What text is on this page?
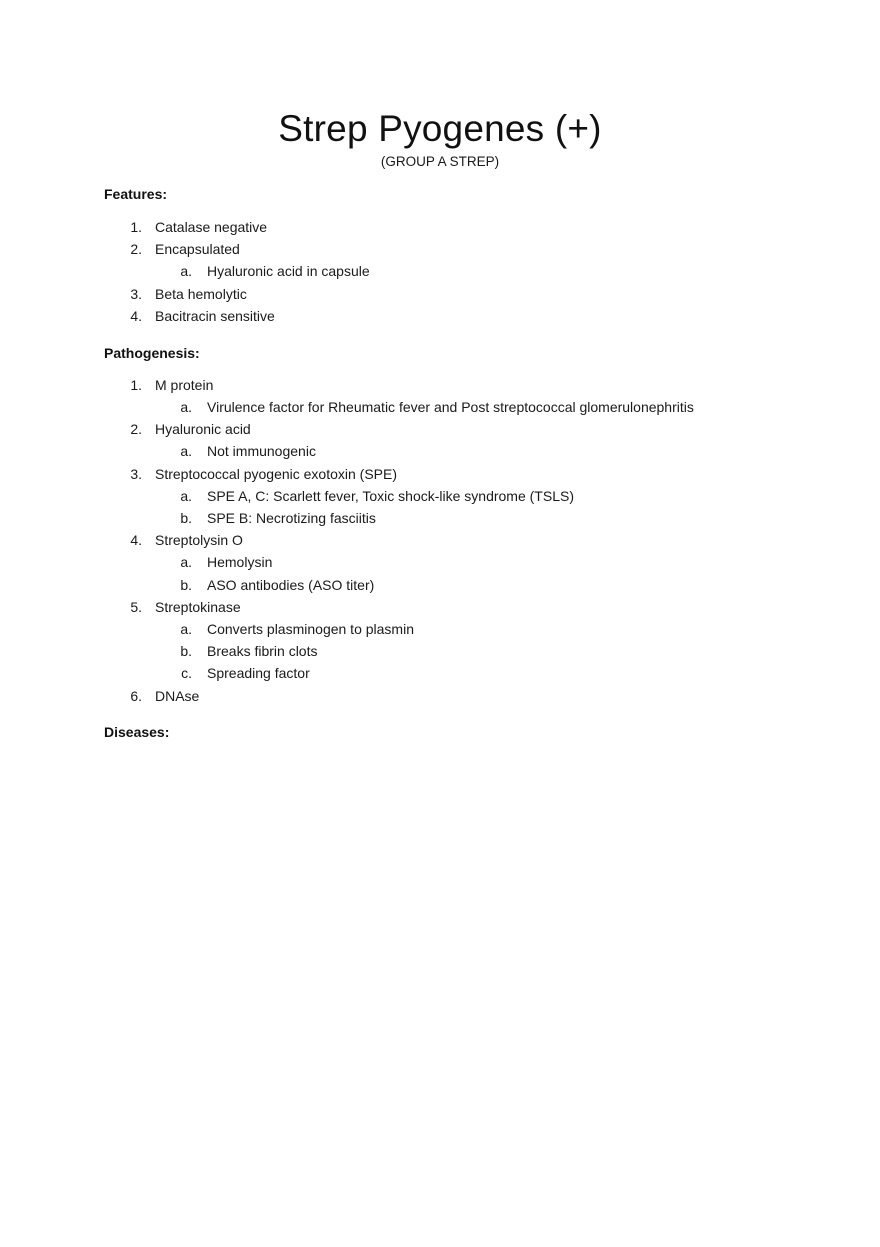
Strep Pyogenes (+)
(GROUP A STREP)
Features:
1. Catalase negative
2. Encapsulated
a. Hyaluronic acid in capsule
3. Beta hemolytic
4. Bacitracin sensitive
Pathogenesis:
1. M protein
a. Virulence factor for Rheumatic fever and Post streptococcal glomerulonephritis
2. Hyaluronic acid
a. Not immunogenic
3. Streptococcal pyogenic exotoxin (SPE)
a. SPE A, C: Scarlett fever, Toxic shock-like syndrome (TSLS)
b. SPE B: Necrotizing fasciitis
4. Streptolysin O
a. Hemolysin
b. ASO antibodies (ASO titer)
5. Streptokinase
a. Converts plasminogen to plasmin
b. Breaks fibrin clots
c. Spreading factor
6. DNAse
Diseases:
